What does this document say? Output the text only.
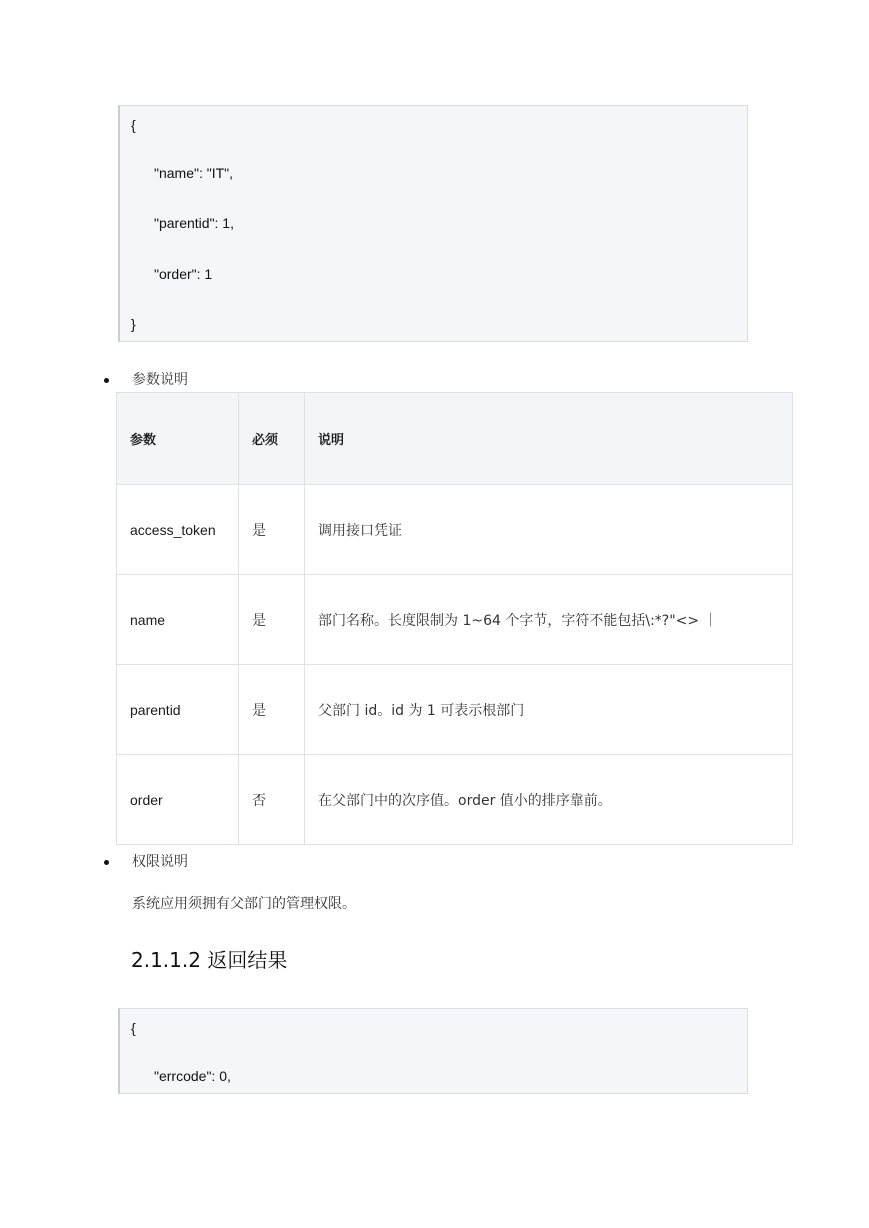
{
"name": "IT",
"parentid": 1,
"order": 1
}
参数说明
参数	必须	说明
access_token	是	调用接口凭证
name	是	部门名称。长度限制为 1~64 个字节，字符不能包括\:*?"<> ｜
parentid	是	父部门 id。id 为 1 可表示根部门
order	否	在父部门中的次序值。order 值小的排序靠前。
权限说明
系统应用须拥有父部门的管理权限。
2.1.1.2 返回结果
{
"errcode": 0,
